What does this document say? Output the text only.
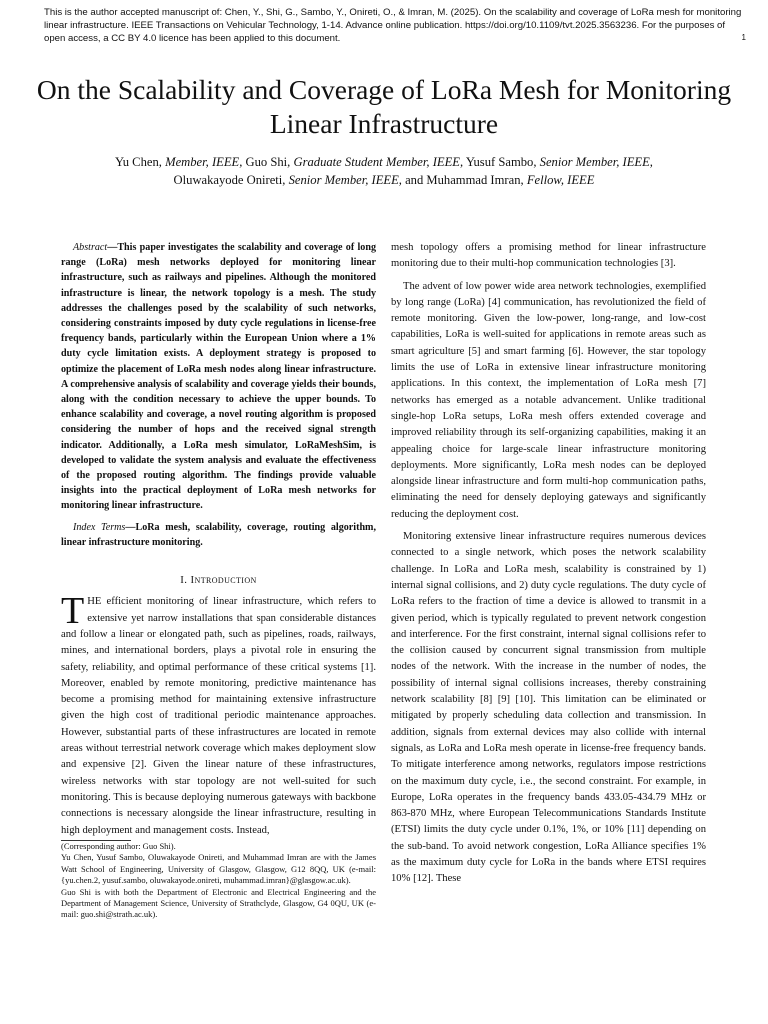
This is the author accepted manuscript of: Chen, Y., Shi, G., Sambo, Y., Onireti, O., & Imran, M. (2025). On the scalability and coverage of LoRa mesh for monitoring linear infrastructure. IEEE Transactions on Vehicular Technology, 1-14. Advance online publication. https://doi.org/10.1109/tvt.2025.3563236. For the purposes of open access, a CC BY 4.0 licence has been applied to this document.	1
On the Scalability and Coverage of LoRa Mesh for Monitoring Linear Infrastructure
Yu Chen, Member, IEEE, Guo Shi, Graduate Student Member, IEEE, Yusuf Sambo, Senior Member, IEEE,
Oluwakayode Onireti, Senior Member, IEEE, and Muhammad Imran, Fellow, IEEE

Abstract—This paper investigates the scalability and coverage of long range (LoRa) mesh networks deployed for monitoring linear infrastructure, such as railways and pipelines. Although the monitored infrastructure is linear, the network topology is a mesh. The study addresses the challenges posed by the scalability of such networks, considering constraints imposed by duty cycle regulations in license-free frequency bands, particularly within the European Union where a 1% duty cycle limitation exists. A deployment strategy is proposed to optimize the placement of LoRa mesh nodes along linear infrastructure. A comprehensive analysis of scalability and coverage yields their bounds, along with the condition necessary to achieve the upper bounds. To enhance scalability and coverage, a novel routing algorithm is proposed considering the number of hops and the received signal strength indicator. Additionally, a LoRa mesh simulator, LoRaMeshSim, is developed to validate the system analysis and evaluate the effectiveness of the proposed routing algorithm. The findings provide valuable insights into the practical deployment of LoRa mesh networks for monitoring linear infrastructure.

Index Terms—LoRa mesh, scalability, coverage, routing algorithm, linear infrastructure monitoring.

I. Introduction

THE efficient monitoring of linear infrastructure, which refers to extensive yet narrow installations that span considerable distances and follow a linear or elongated path, such as pipelines, roads, railways, mines, and international borders, plays a pivotal role in ensuring the safety, reliability, and optimal performance of these critical systems [1]. Moreover, enabled by remote monitoring, predictive maintenance has become a promising method for maintaining extensive infrastructure given the high cost of traditional periodic maintenance approaches. However, substantial parts of these infrastructures are located in remote areas without terrestrial network coverage which makes deployment slow and expensive [2]. Given the linear nature of these infrastructures, wireless networks with star topology are not well-suited for such monitoring. This is because deploying numerous gateways with backbone connections is necessary alongside the linear infrastructure, resulting in high deployment and management costs. Instead,

(Corresponding author: Guo Shi).

Yu Chen, Yusuf Sambo, Oluwakayode Onireti, and Muhammad Imran are with the James Watt School of Engineering, University of Glasgow, Glasgow, G12 8QQ, UK (e-mail: {yu.chen.2, yusuf.sambo, oluwakayode.onireti, muhammad.imran}@glasgow.ac.uk).

Guo Shi is with both the Department of Electronic and Electrical Engineering and the Department of Management Science, University of Strathclyde, Glasgow, G4 0QU, UK (e-mail: guo.shi@strath.ac.uk).

mesh topology offers a promising method for linear infrastructure monitoring due to their multi-hop communication technologies [3].

The advent of low power wide area network technologies, exemplified by long range (LoRa) [4] communication, has revolutionized the field of remote monitoring. Given the low-power, long-range, and low-cost capabilities, LoRa is well-suited for applications in remote areas such as smart agriculture [5] and smart farming [6]. However, the star topology limits the use of LoRa in extensive linear infrastructure monitoring applications. In this context, the implementation of LoRa mesh [7] networks has emerged as a notable advancement. Unlike traditional single-hop LoRa setups, LoRa mesh offers extended coverage and improved reliability through its self-organizing capabilities, making it an appealing choice for large-scale linear infrastructure monitoring deployments. More significantly, LoRa mesh nodes can be deployed alongside linear infrastructure and form multi-hop communication paths, eliminating the need for densely deploying gateways and significantly reducing the deployment cost.

Monitoring extensive linear infrastructure requires numerous devices connected to a single network, which poses the network scalability challenge. In LoRa and LoRa mesh, scalability is constrained by 1) internal signal collisions, and 2) duty cycle regulations. The duty cycle of LoRa refers to the fraction of time a device is allowed to transmit in a given period, which is typically regulated to prevent network congestion and interference. For the first constraint, internal signal collisions refer to the collision caused by concurrent signal transmission from multiple nodes of the network. With the increase in the number of nodes, the possibility of internal signal collisions increases, thereby constraining network scalability [8] [9] [10]. This limitation can be eliminated or mitigated by properly scheduling data collection and transmission. In addition, signals from external devices may also collide with internal signals, as LoRa and LoRa mesh operate in license-free frequency bands. To mitigate interference among networks, regulators impose restrictions on the maximum duty cycle, i.e., the second constraint. For example, in Europe, LoRa operates in the frequency bands 433.05-434.79 MHz or 863-870 MHz, where European Telecommunications Standards Institute (ETSI) limits the duty cycle under 0.1%, 1%, or 10% [11] depending on the sub-band. To avoid network congestion, LoRa Alliance specifies 1% as the maximum duty cycle for LoRa in the bands where ETSI requires 10% [12]. These
